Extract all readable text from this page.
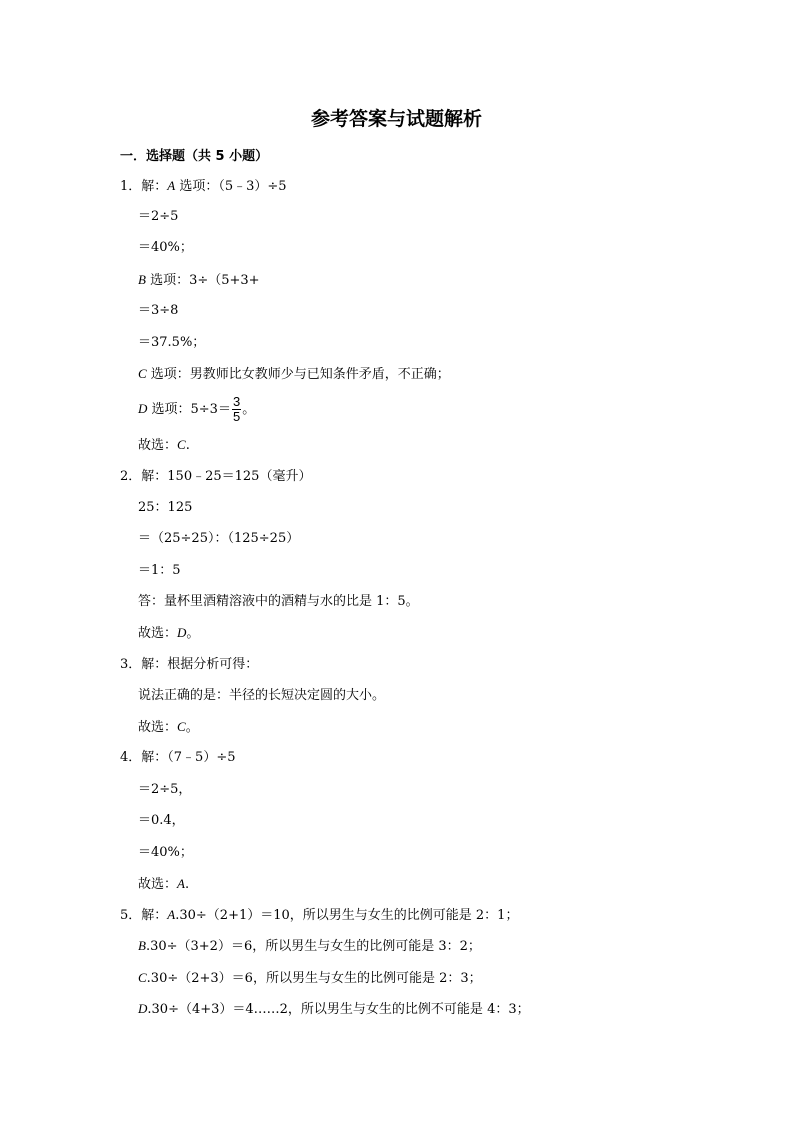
参考答案与试题解析
一．选择题（共 5 小题）
1．解：A 选项：（5﹣3）÷5
＝2÷5
＝40%；
B 选项：3÷（5+3+
＝3÷8
＝37.5%；
C 选项：男教师比女教师少与已知条件矛盾，不正确；
D 选项：$5\div 3= \frac{3}{5}$ 。
故选：C.
2．解：150﹣25＝125（毫升）
25：125
＝（25÷25）：（125÷25）
＝1：5
答：量杯里酒精溶液中的酒精与水的比是 1：5。
故选：D。
3．解：根据分析可得：
说法正确的是：半径的长短决定圆的大小。
故选：C。
4．解：（7﹣5）÷5
＝2÷5，
＝0.4，
＝40%；
故选：A.
5．解：A.30÷（2+1）＝10，所以男生与女生的比例可能是 2：1；
B.30÷（3+2）＝6，所以男生与女生的比例可能是 3：2；
C.30÷（2+3）＝6，所以男生与女生的比例可能是 2：3；
D.30÷（4+3）＝4……2，所以男生与女生的比例不可能是 4：3；
